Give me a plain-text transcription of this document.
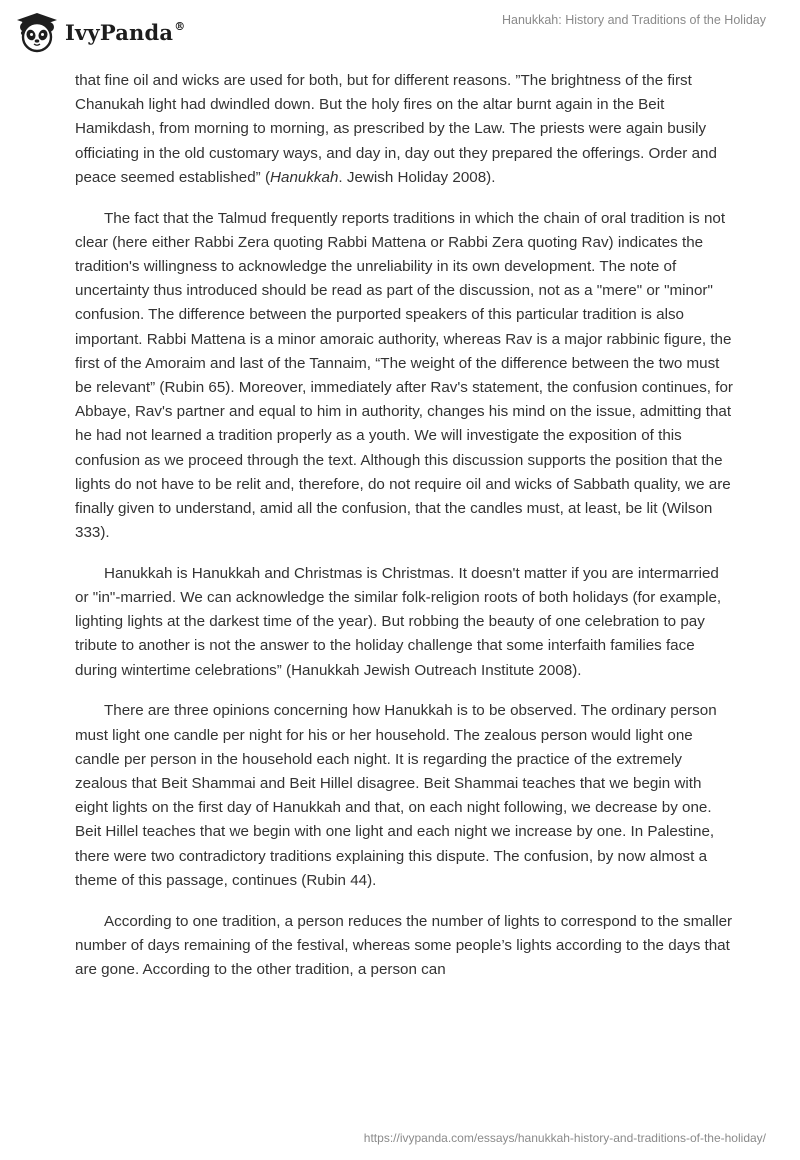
IvyPanda®	Hanukkah: History and Traditions of the Holiday

that fine oil and wicks are used for both, but for different reasons. ”The brightness of the first Chanukah light had dwindled down. But the holy fires on the altar burnt again in the Beit Hamikdash, from morning to morning, as prescribed by the Law. The priests were again busily officiating in the old customary ways, and day in, day out they prepared the offerings. Order and peace seemed established” (Hanukkah. Jewish Holiday 2008).

The fact that the Talmud frequently reports traditions in which the chain of oral tradition is not clear (here either Rabbi Zera quoting Rabbi Mattena or Rabbi Zera quoting Rav) indicates the tradition's willingness to acknowledge the unreliability in its own development. The note of uncertainty thus introduced should be read as part of the discussion, not as a "mere" or "minor" confusion. The difference between the purported speakers of this particular tradition is also important. Rabbi Mattena is a minor amoraic authority, whereas Rav is a major rabbinic figure, the first of the Amoraim and last of the Tannaim, “The weight of the difference between the two must be relevant” (Rubin 65). Moreover, immediately after Rav's statement, the confusion continues, for Abbaye, Rav's partner and equal to him in authority, changes his mind on the issue, admitting that he had not learned a tradition properly as a youth. We will investigate the exposition of this confusion as we proceed through the text. Although this discussion supports the position that the lights do not have to be relit and, therefore, do not require oil and wicks of Sabbath quality, we are finally given to understand, amid all the confusion, that the candles must, at least, be lit (Wilson 333).

Hanukkah is Hanukkah and Christmas is Christmas. It doesn't matter if you are intermarried or "in"-married. We can acknowledge the similar folk-religion roots of both holidays (for example, lighting lights at the darkest time of the year). But robbing the beauty of one celebration to pay tribute to another is not the answer to the holiday challenge that some interfaith families face during wintertime celebrations” (Hanukkah Jewish Outreach Institute 2008).

There are three opinions concerning how Hanukkah is to be observed. The ordinary person must light one candle per night for his or her household. The zealous person would light one candle per person in the household each night. It is regarding the practice of the extremely zealous that Beit Shammai and Beit Hillel disagree. Beit Shammai teaches that we begin with eight lights on the first day of Hanukkah and that, on each night following, we decrease by one. Beit Hillel teaches that we begin with one light and each night we increase by one. In Palestine, there were two contradictory traditions explaining this dispute. The confusion, by now almost a theme of this passage, continues (Rubin 44).

According to one tradition, a person reduces the number of lights to correspond to the smaller number of days remaining of the festival, whereas some people’s lights according to the days that are gone. According to the other tradition, a person can

https://ivypanda.com/essays/hanukkah-history-and-traditions-of-the-holiday/
